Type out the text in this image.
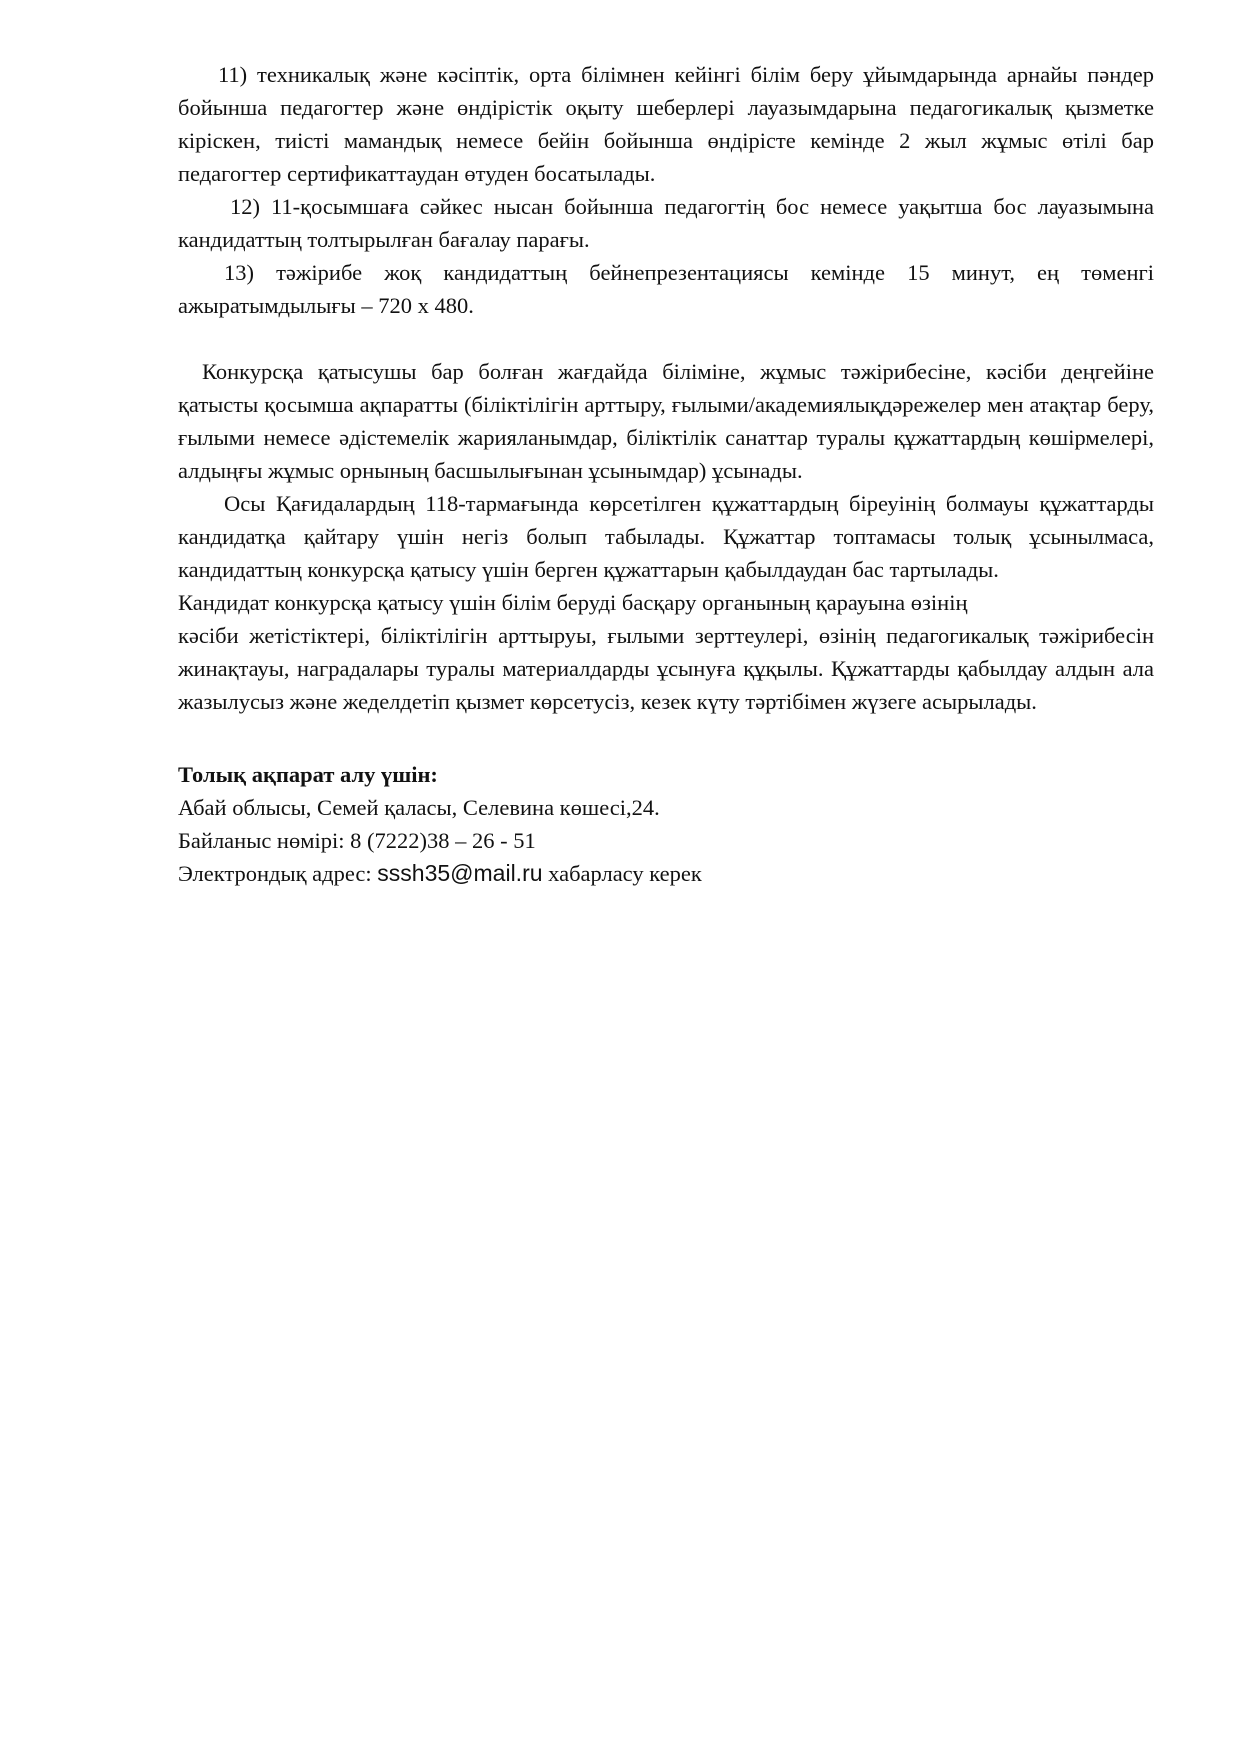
11) техникалық және кәсіптік, орта білімнен кейінгі білім беру ұйымдарында арнайы пәндер бойынша педагогтер және өндірістік оқыту шеберлері лауазымдарына педагогикалық қызметке кірiскен, тиісті мамандық немесе бейін бойынша өндірісте кемінде 2 жыл жұмыс өтілі бар педагогтер сертификаттаудан өтуден босатылады.

12) 11-қосымшаға сәйкес нысан бойынша педагогтің бос немесе уақытша бос лауазымына кандидаттың толтырылған бағалау парағы.

13) тәжірибе жоқ кандидаттың бейнепрезентациясы кемінде 15 минут, ең төменгі ажыратымдылығы – 720 x 480.

Конкурсқа қатысушы бар болған жағдайда біліміне, жұмыс тәжірибесіне, кәсіби деңгейіне қатысты қосымша ақпаратты (біліктілігін арттыру, ғылыми/академиялықдәрежелер мен атақтар беру, ғылыми немесе әдістемелік жарияланымдар, біліктілік санаттар туралы құжаттардың көшірмелері, алдыңғы жұмыс орнының басшылығынан ұсынымдар) ұсынады.

Осы Қағидалардың 118-тармағында көрсетілген құжаттардың біреуінің болмауы құжаттарды кандидатқа қайтару үшін негіз болып табылады. Құжаттар топтамасы толық ұсынылмаса, кандидаттың конкурсқа қатысу үшін берген құжаттарын қабылдаудан бас тартылады.

Кандидат конкурсқа қатысу үшін білім беруді басқару органының қарауына өзінің

кәсіби жетістіктері, біліктілігін арттыруы, ғылыми зерттеулері, өзінің педагогикалық тәжірибесін жинақтауы, наградалары туралы материалдарды ұсынуға құқылы. Құжаттарды қабылдау алдын ала жазылусыз және жеделдетіп қызмет көрсетусіз, кезек күту тәртібімен жүзеге асырылады.

Толық ақпарат алу үшін:

Абай облысы, Семей қаласы, Селевина көшесі,24.

Байланыс нөмірі: 8 (7222)38 – 26 - 51

Электрондық адрес: sssh35@mail.ru хабарласу керек
